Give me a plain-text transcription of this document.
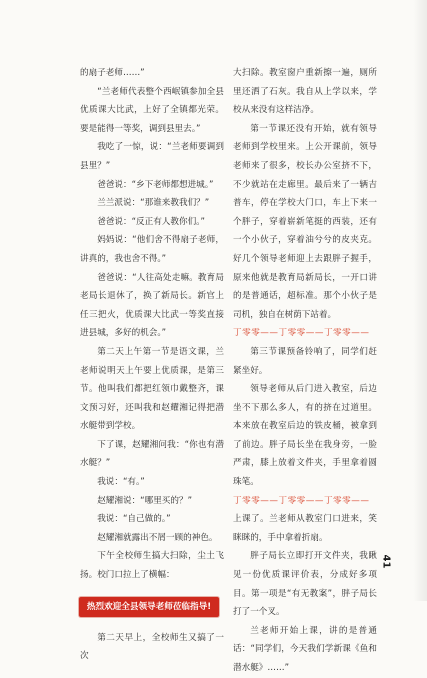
的扇子老师……”

“兰老师代表整个西岷镇参加全县优质课大比武，上好了全镇都光荣。要是能得一等奖，调到县里去。”

我吃了一惊，说：“兰老师要调到县里？”

爸爸说：“乡下老师都想进城。”

兰兰派说：“那谁来教我们？”

爸爸说：“反正有人教你们。”

妈妈说：“他们舍不得扇子老师，讲真的，我也舍不得。”

爸爸说：“人往高处走嘛。教育局老局长退休了，换了新局长。新官上任三把火，优质课大比武一等奖直接进县城，多好的机会。”

第二天上午第一节是语文课，兰老师说明天上午要上优质课，是第三节。他叫我们都把红领巾戴整齐，课文预习好，还叫我和赵耀湘记得把潜水艇带到学校。

下了课，赵耀湘问我：“你也有潜水艇？”

我说：“有。”

赵耀湘说：“哪里买的？”

我说：“自己做的。”

赵耀湘就露出不屑一顾的神色。

下午全校师生搞大扫除，尘土飞扬。校门口拉上了横幅：

热烈欢迎全县领导老师莅临指导!

第二天早上，全校师生又搞了一次

大扫除。教室窗户重新擦一遍，厕所里还洒了石灰。我自从上学以来，学校从来没有这样洁净。

第一节课还没有开始，就有领导老师到学校里来。上公开课前，领导老师来了很多，校长办公室挤不下，不少就站在走廊里。最后来了一辆吉普车，停在学校大门口，车上下来一个胖子，穿着崭新笔挺的西装，还有一个小伙子，穿着油兮兮的皮夹克。好几个领导老师迎上去跟胖子握手，原来他就是教育局新局长，一开口讲的是普通话，超标准。那个小伙子是司机，独自在树荫下站着。

丁零零——丁零零——丁零零——

第三节课预备铃响了，同学们赶紧坐好。

领导老师从后门进入教室，后边坐不下那么多人，有的挤在过道里。本来放在教室后边的铁皮桶，被拿到了前边。胖子局长坐在我身旁，一脸严肃，膝上放着文件夹，手里拿着圆珠笔。

丁零零——丁零零——丁零零——

上课了。兰老师从教室门口进来，笑眯眯的，手中拿着折扇。

胖子局长立即打开文件夹，我瞅见一份优质课评价表，分成好多项目。第一项是“有无教案”，胖子局长打了一个叉。

兰老师开始上课，讲的是普通话：“同学们，今天我们学新课《鱼和潜水艇》……”

41
